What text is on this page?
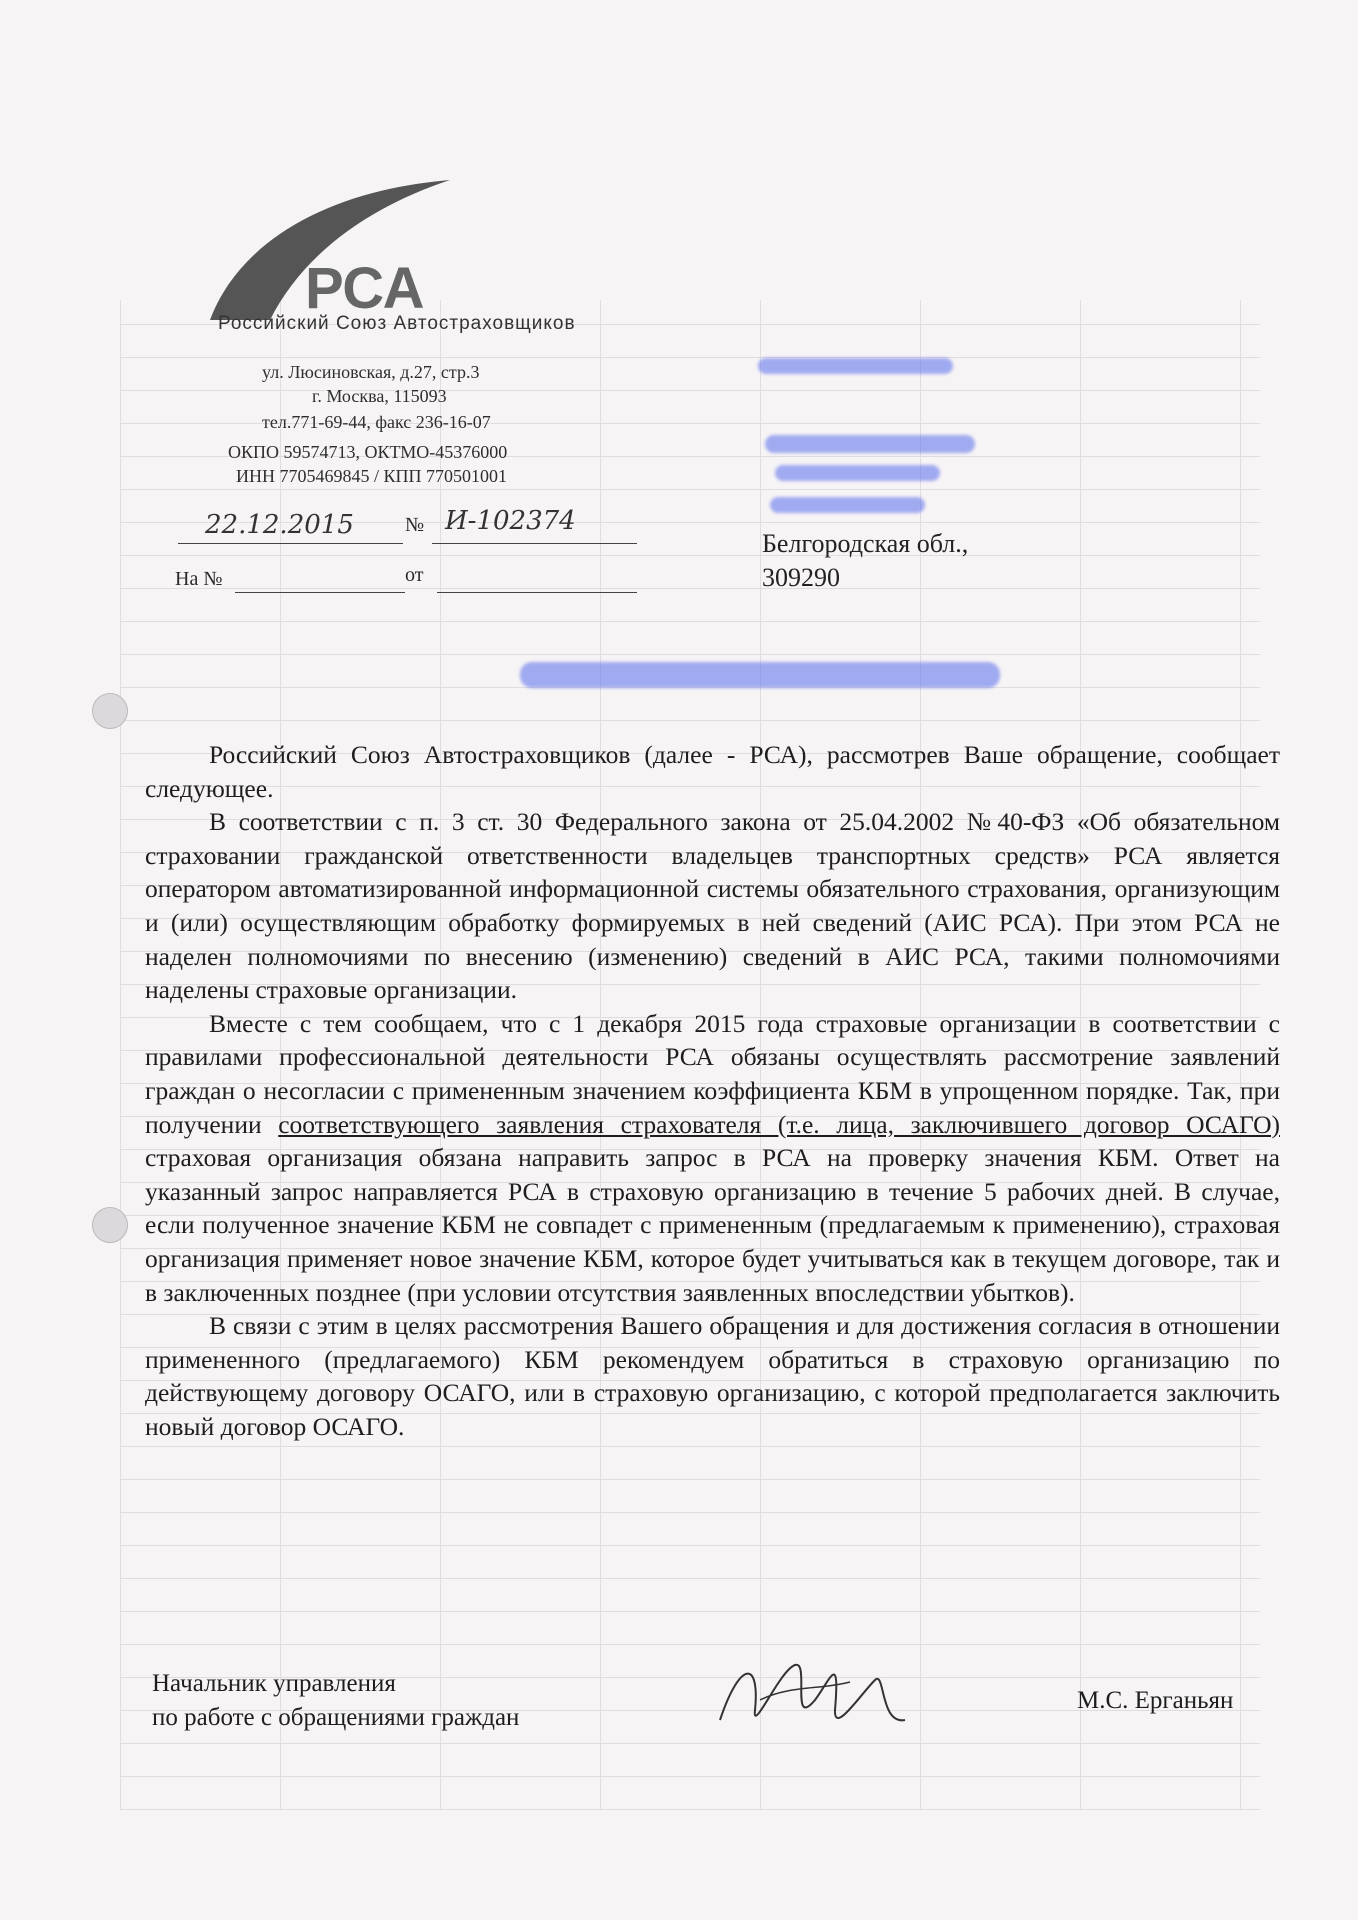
РСА
Российский Союз Автостраховщиков
ул. Люсиновская, д.27, стр.3
г. Москва, 115093
тел.771-69-44, факс 236-16-07
ОКПО 59574713, ОКТМО-45376000
ИНН 7705469845 / КПП 770501001
22.12.2015	№ И-102374
На №	от
Белгородская обл.,
309290

Российский Союз Автостраховщиков (далее - РСА), рассмотрев Ваше обращение, сообщает следующее.

В соответствии с п. 3 ст. 30 Федерального закона от 25.04.2002 №40-ФЗ «Об обязательном страховании гражданской ответственности владельцев транспортных средств» РСА является оператором автоматизированной информационной системы обязательного страхования, организующим и (или) осуществляющим обработку формируемых в ней сведений (АИС РСА). При этом РСА не наделен полномочиями по внесению (изменению) сведений в АИС РСА, такими полномочиями наделены страховые организации.

Вместе с тем сообщаем, что с 1 декабря 2015 года страховые организации в соответствии с правилами профессиональной деятельности РСА обязаны осуществлять рассмотрение заявлений граждан о несогласии с примененным значением коэффициента КБМ в упрощенном порядке. Так, при получении соответствующего заявления страхователя (т.е. лица, заключившего договор ОСАГО) страховая организация обязана направить запрос в РСА на проверку значения КБМ. Ответ на указанный запрос направляется РСА в страховую организацию в течение 5 рабочих дней. В случае, если полученное значение КБМ не совпадет с примененным (предлагаемым к применению), страховая организация применяет новое значение КБМ, которое будет учитываться как в текущем договоре, так и в заключенных позднее (при условии отсутствия заявленных впоследствии убытков).

В связи с этим в целях рассмотрения Вашего обращения и для достижения согласия в отношении примененного (предлагаемого) КБМ рекомендуем обратиться в страховую организацию по действующему договору ОСАГО, или в страховую организацию, с которой предполагается заключить новый договор ОСАГО.

Начальник управления
по работе с обращениями граждан
М.С. Ерганьян
